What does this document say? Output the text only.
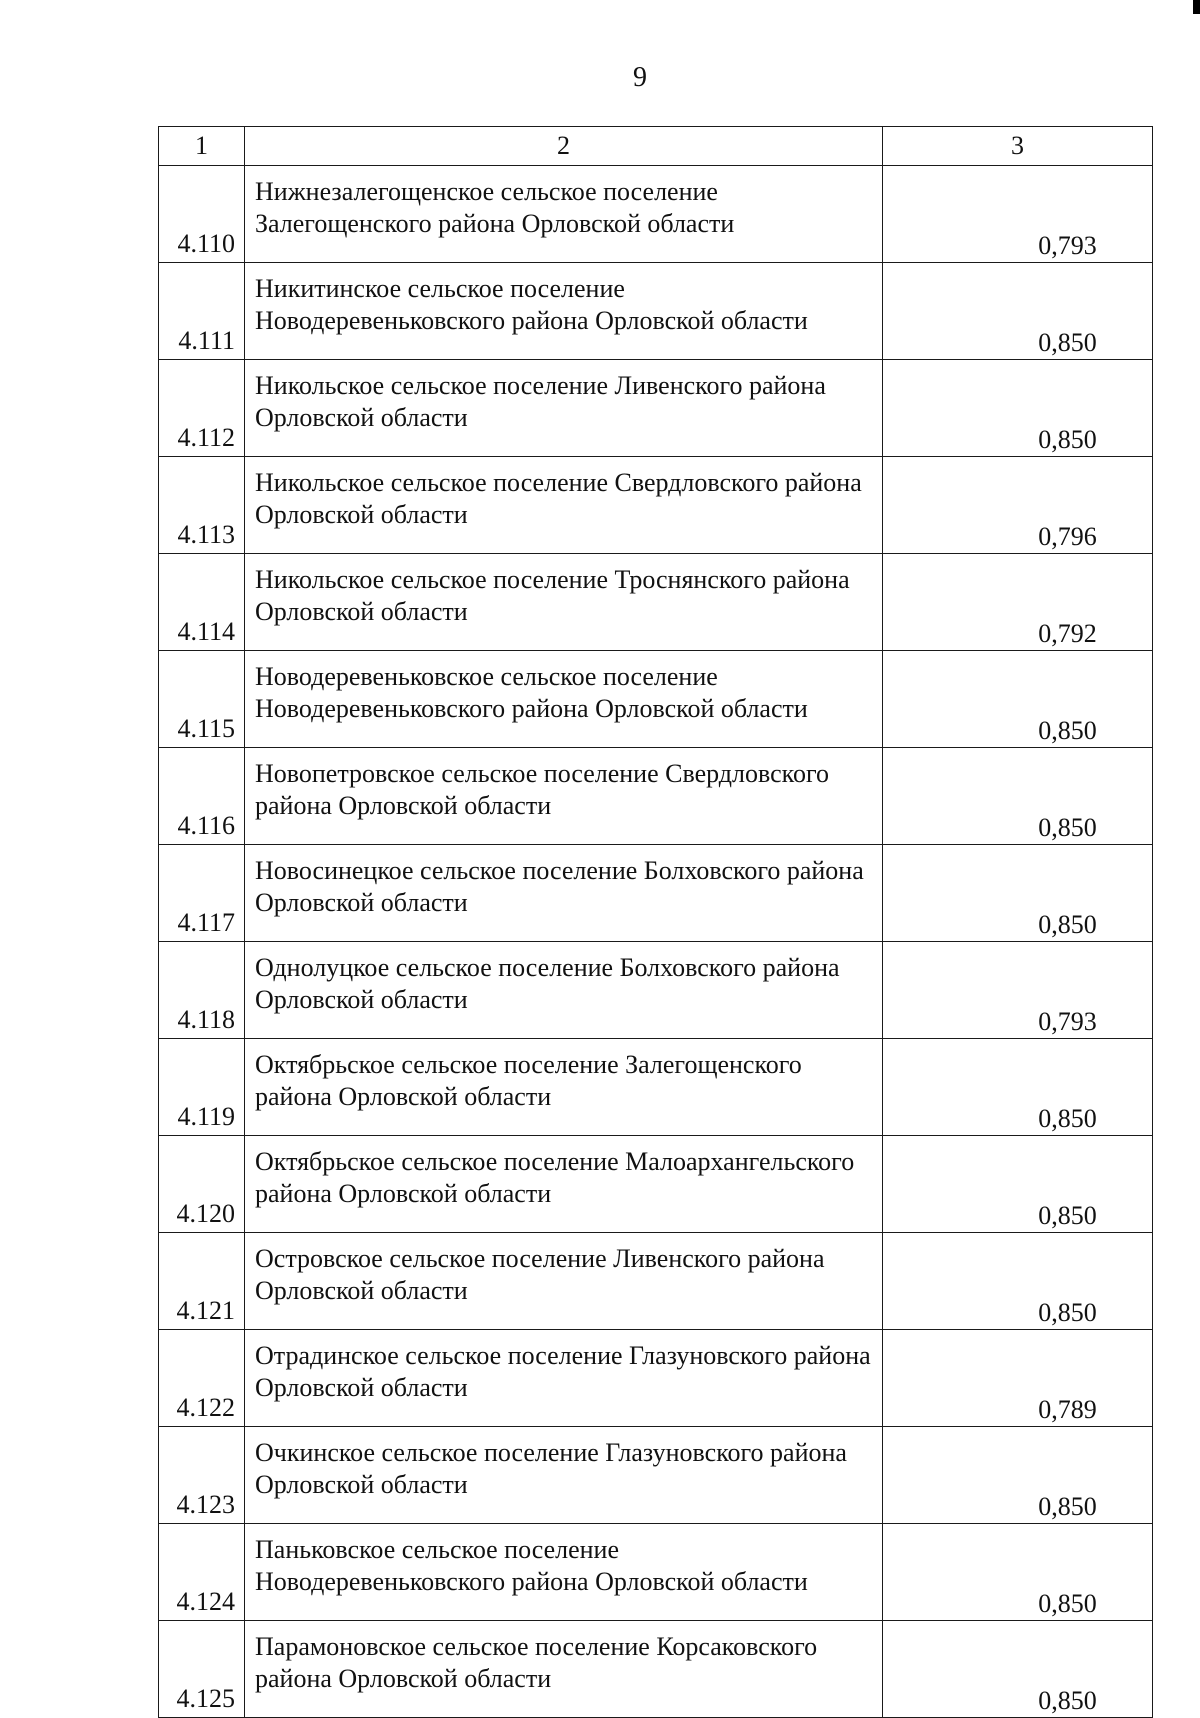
9
1	2	3
4.110	Нижнезалегощенское сельское поселение Залегощенского района Орловской области	0,793
4.111	Никитинское сельское поселение Новодеревеньковского района Орловской области	0,850
4.112	Никольское сельское поселение Ливенского района Орловской области	0,850
4.113	Никольское сельское поселение Свердловского района Орловской области	0,796
4.114	Никольское сельское поселение Троснянского района Орловской области	0,792
4.115	Новодеревеньковское сельское поселение Новодеревеньковского района Орловской области	0,850
4.116	Новопетровское сельское поселение Свердловского района Орловской области	0,850
4.117	Новосинецкое сельское поселение Болховского района Орловской области	0,850
4.118	Однолуцкое сельское поселение Болховского района Орловской области	0,793
4.119	Октябрьское сельское поселение Залегощенского района Орловской области	0,850
4.120	Октябрьское сельское поселение Малоархангельского района Орловской области	0,850
4.121	Островское сельское поселение Ливенского района Орловской области	0,850
4.122	Отрадинское сельское поселение Глазуновского района Орловской области	0,789
4.123	Очкинское сельское поселение Глазуновского района Орловской области	0,850
4.124	Паньковское сельское поселение Новодеревеньковского района Орловской области	0,850
4.125	Парамоновское сельское поселение Корсаковского района Орловской области	0,850
